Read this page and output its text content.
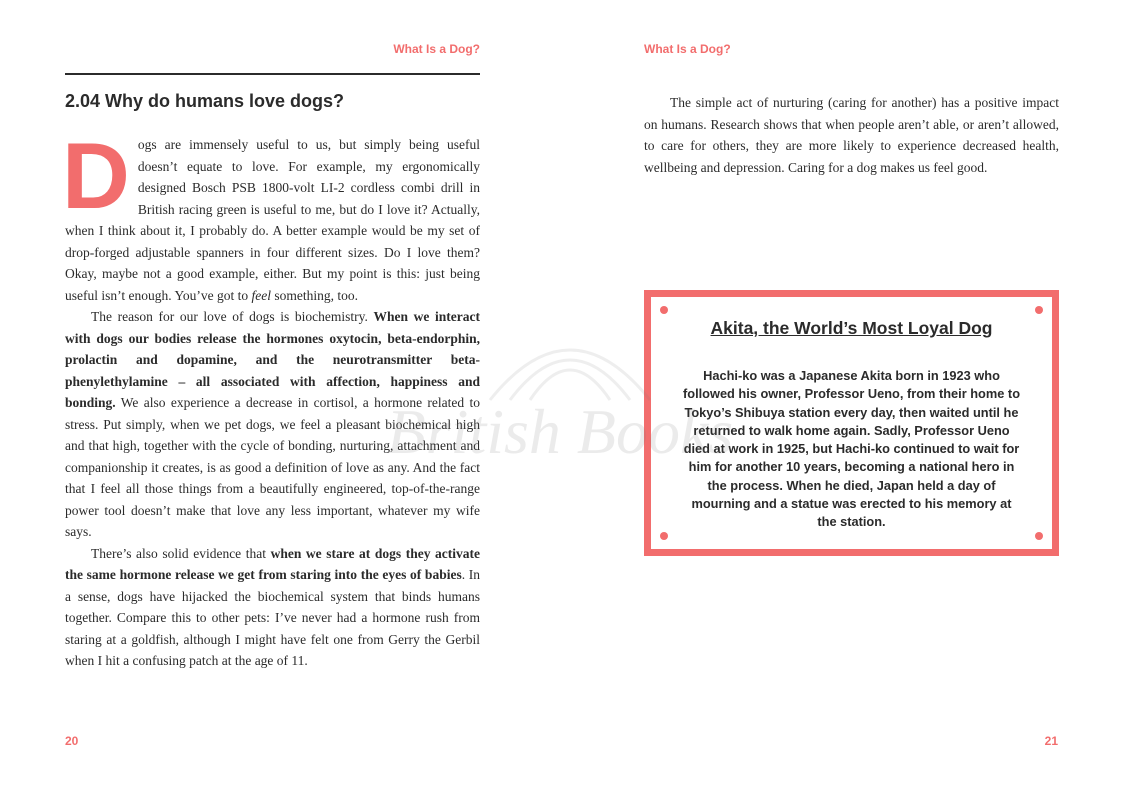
What Is a Dog?
2.04 Why do humans love dogs?

Dogs are immensely useful to us, but simply being useful doesn’t equate to love. For example, my ergonomically designed Bosch PSB 1800-volt LI-2 cordless combi drill in British racing green is useful to me, but do I love it? Actually, when I think about it, I probably do. A better example would be my set of drop-forged adjustable spanners in four different sizes. Do I love them? Okay, maybe not a good example, either. But my point is this: just being useful isn’t enough. You’ve got to feel something, too.

The reason for our love of dogs is biochemistry. When we interact with dogs our bodies release the hormones oxytocin, beta-endorphin, prolactin and dopamine, and the neurotransmitter beta-phenylethylamine – all associated with affection, happiness and bonding. We also experience a decrease in cortisol, a hormone related to stress. Put simply, when we pet dogs, we feel a pleasant biochemical high and that high, together with the cycle of bonding, nurturing, attachment and companionship it creates, is as good a definition of love as any. And the fact that I feel all those things from a beautifully engineered, top-of-the-range power tool doesn’t make that love any less important, whatever my wife says.

There’s also solid evidence that when we stare at dogs they activate the same hormone release we get from staring into the eyes of babies. In a sense, dogs have hijacked the biochemical system that binds humans together. Compare this to other pets: I’ve never had a hormone rush from staring at a goldfish, although I might have felt one from Gerry the Gerbil when I hit a confusing patch at the age of 11.

20
What Is a Dog?

The simple act of nurturing (caring for another) has a positive impact on humans. Research shows that when people aren’t able, or aren’t allowed, to care for others, they are more likely to experience decreased health, wellbeing and depression. Caring for a dog makes us feel good.

Akita, the World’s Most Loyal Dog

Hachi-ko was a Japanese Akita born in 1923 who followed his owner, Professor Ueno, from their home to Tokyo’s Shibuya station every day, then waited until he returned to walk home again. Sadly, Professor Ueno died at work in 1925, but Hachi-ko continued to wait for him for another 10 years, becoming a national hero in the process. When he died, Japan held a day of mourning and a statue was erected to his memory at the station.

21
British Books
